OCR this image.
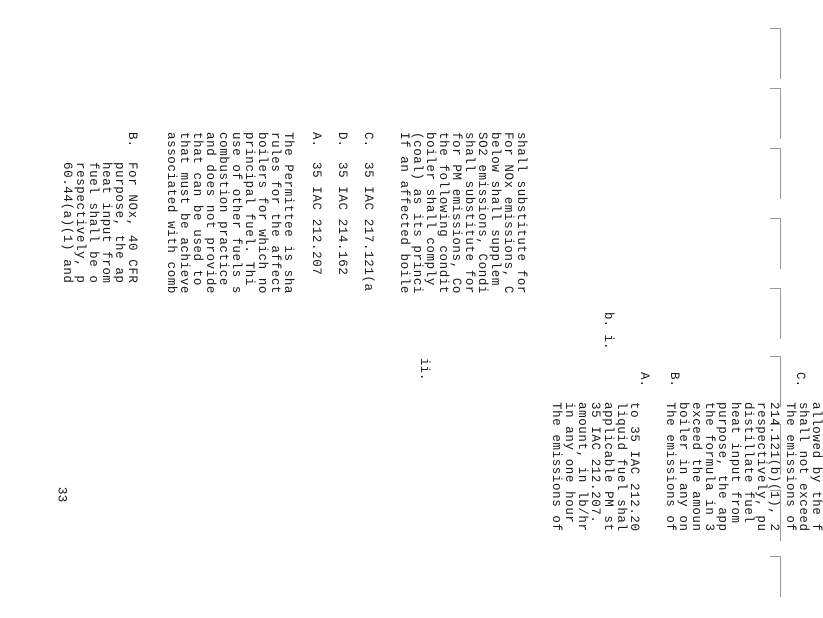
B.
For NOx, 40 CFR
purpose, the ap
heat input from
fuel shall be o
respectively, p
60.44(a)(1) and
b. i.
The Permittee is sha
rules for the affect
boilers for which no
principal fuel. Thi
use of other fuels s
combustion practice
and does not provide
that can be used to
that must be achieve
associated with comb	A.
35 IAC 212.207
D.
35 IAC 214.162
C.
35 IAC 217.121(a
ii.
If an affected boile (coal) as its princi boiler shall comply the following condit for PM emissions, Co shall substitute for SO2 emissions, Condi below shall supplem For NOx emissions, C shall substitute for
A.
The emissions of in any one hour amount, in lb/hr 35 IAC 212.207. applicable PM st liquid fuel shal to 35 IAC 212.20
B.
The emissions of boiler in any on exceed the amoun the formula in 3 purpose, the app heat input from distillate fuel respectively, pu 214.121(b)(1), 2
C.
The emissions of shall not exceed allowed by the f
33
